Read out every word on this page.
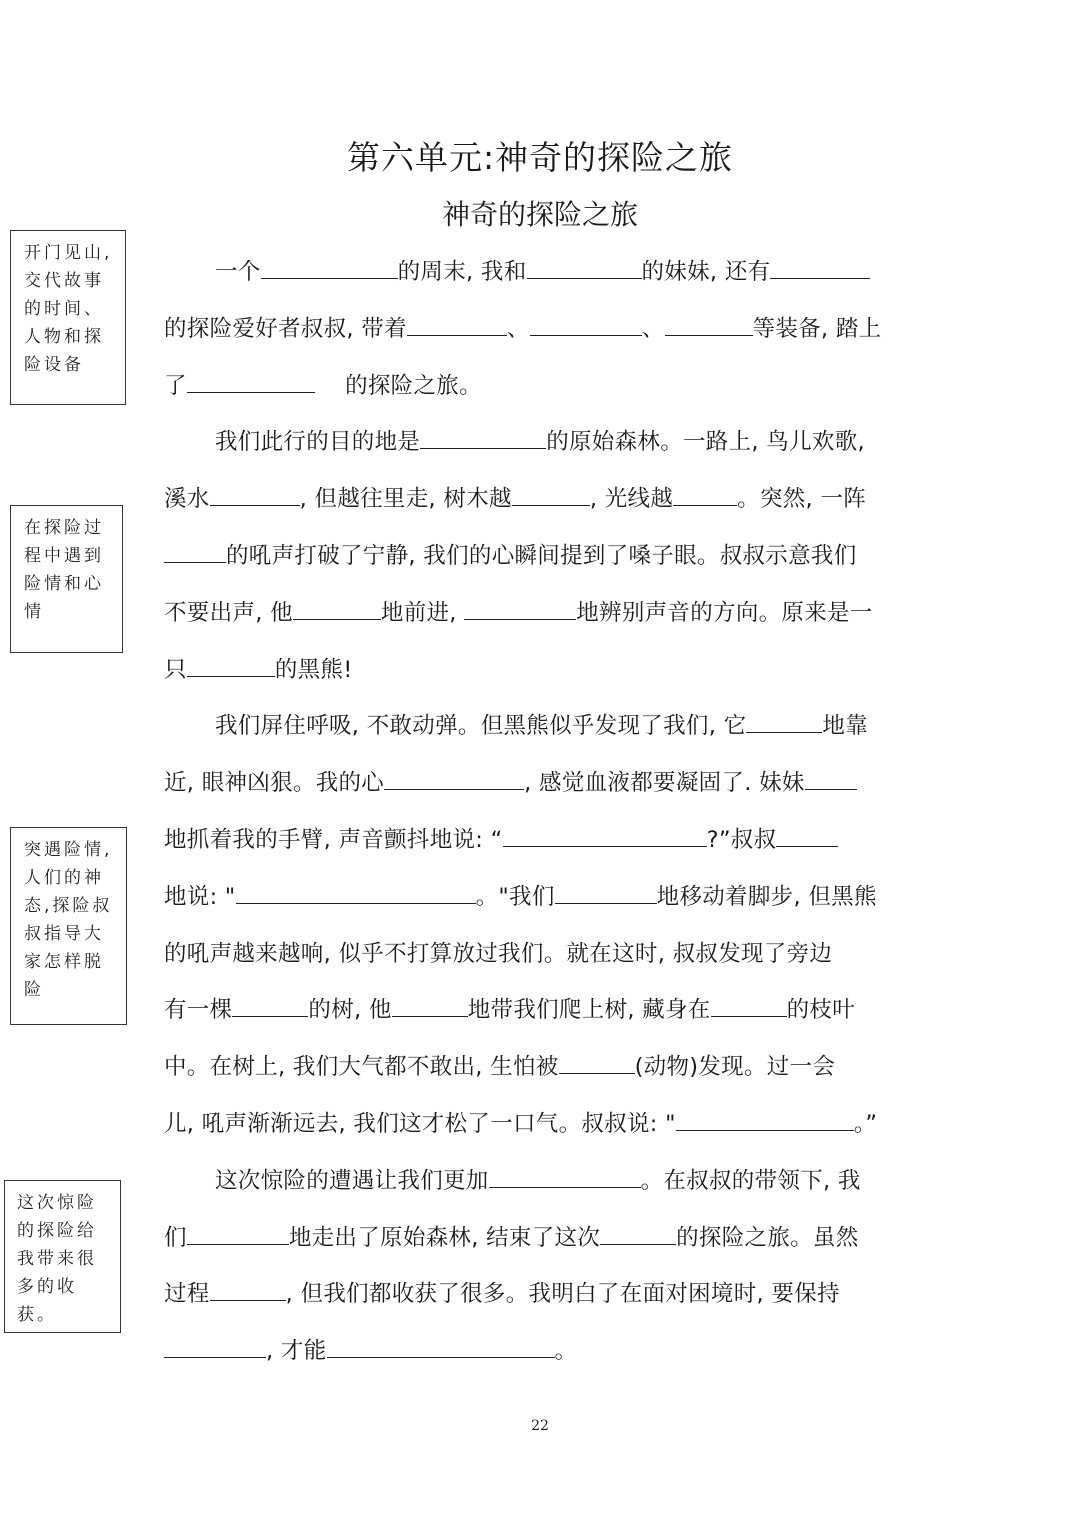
第六单元:神奇的探险之旅
神奇的探险之旅
开门见山,交代故事的时间、人物和探险设备
在探险过程中遇到险情和心情
突遇险情,人们的神态,探险叔叔指导大家怎样脱险
这次惊险的探险给我带来很多的收获。
一个	的周末, 我和	的妹妹, 还有
的探险爱好者叔叔, 带着	、	、	等装备, 踏上
了	　 的探险之旅。
我们此行的目的地是	的原始森林。一路上, 鸟儿欢歌,
溪水	, 但越往里走, 树木越	, 光线越	。突然, 一阵
的吼声打破了宁静, 我们的心瞬间提到了嗓子眼。叔叔示意我们
不要出声, 他	地前进,	地辨别声音的方向。原来是一
只	的黑熊!
我们屏住呼吸, 不敢动弹。但黑熊似乎发现了我们, 它	地靠
近, 眼神凶狠。我的心	, 感觉血液都要凝固了. 妹妹
地抓着我的手臂, 声音颤抖地说: “	?”叔叔
地说: "	。"我们	地移动着脚步, 但黑熊
的吼声越来越响, 似乎不打算放过我们。就在这时, 叔叔发现了旁边
有一棵	的树, 他	地带我们爬上树, 藏身在	的枝叶
中。在树上, 我们大气都不敢出, 生怕被	(动物)发现。过一会
儿, 吼声渐渐远去, 我们这才松了一口气。叔叔说: "	。”
这次惊险的遭遇让我们更加	。在叔叔的带领下, 我
们	地走出了原始森林, 结束了这次	的探险之旅。虽然
过程	, 但我们都收获了很多。我明白了在面对困境时, 要保持
, 才能	。
22
